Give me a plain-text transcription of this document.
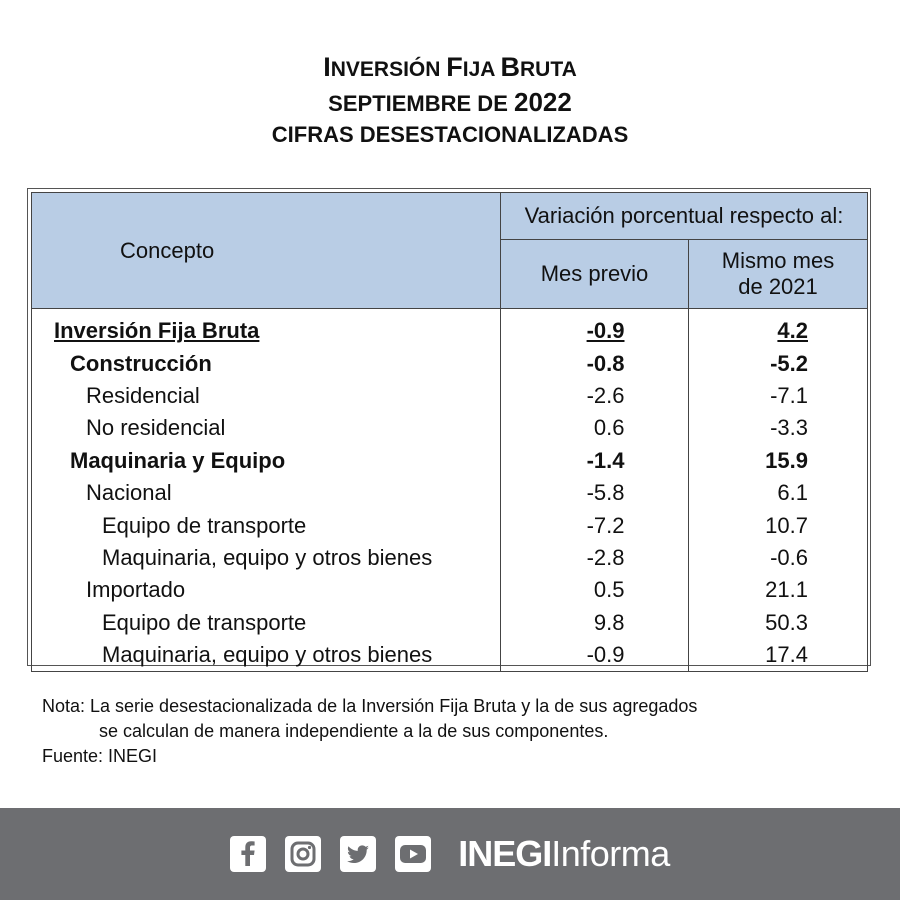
INVERSIÓN FIJA BRUTA
SEPTIEMBRE DE 2022
CIFRAS DESESTACIONALIZADAS
Concepto	Variación porcentual respecto al:	
	Mes previo	Mismo mes
de 2021
Inversión Fija Bruta	-0.9	4.2
Construcción	-0.8	-5.2
Residencial	-2.6	-7.1
No residencial	0.6	-3.3
Maquinaria y Equipo	-1.4	15.9
Nacional	-5.8	6.1
Equipo de transporte	-7.2	10.7
Maquinaria, equipo y otros bienes	-2.8	-0.6
Importado	0.5	21.1
Equipo de transporte	9.8	50.3
Maquinaria, equipo y otros bienes	-0.9	17.4
Nota: La serie desestacionalizada de la Inversión Fija Bruta y la de sus agregados
se calculan de manera independiente a la de sus componentes.
Fuente: INEGI
INEGIInforma
